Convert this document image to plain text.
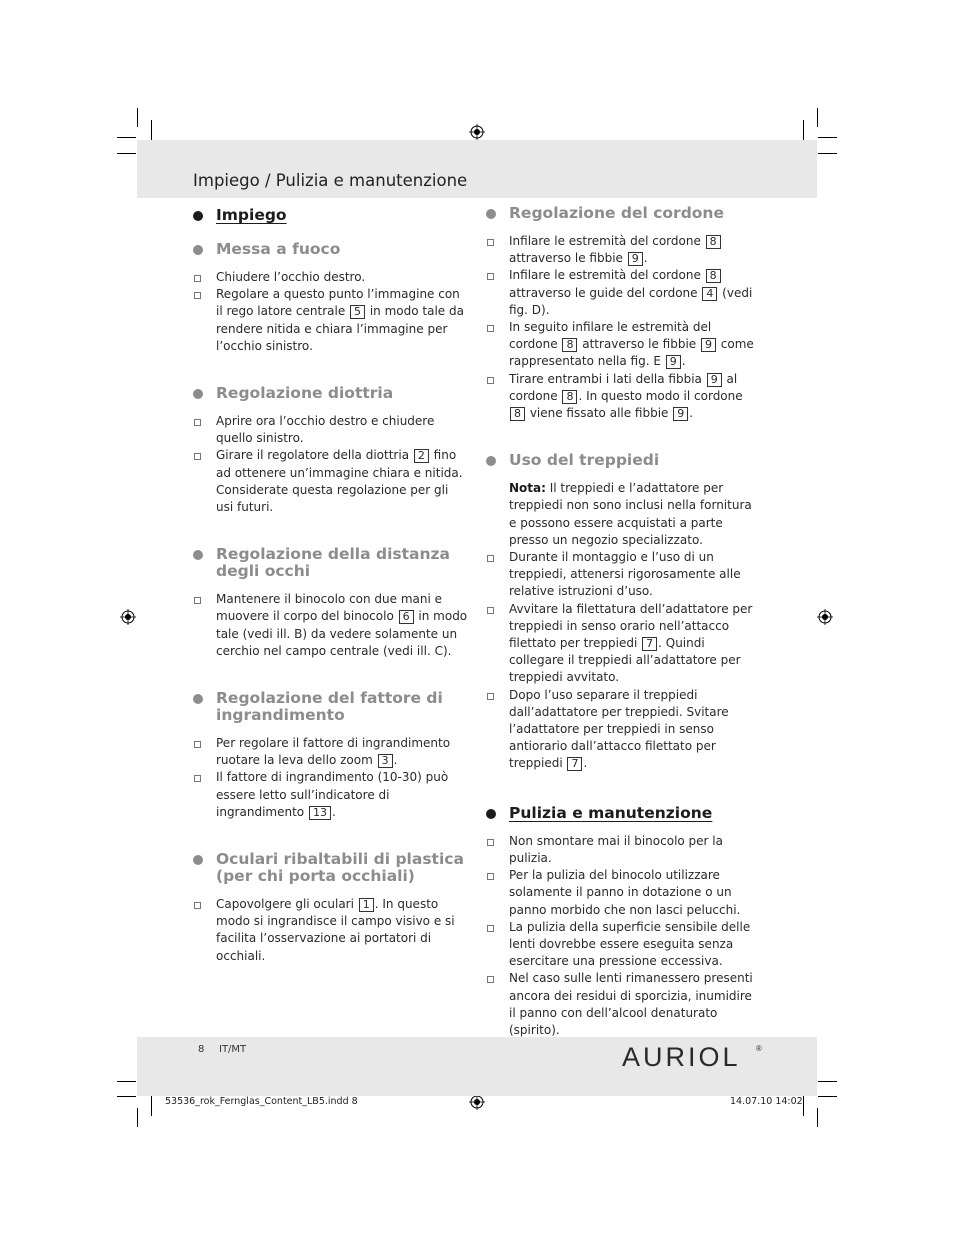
Impiego / Pulizia e manutenzione
Impiego
Messa a fuoco
Chiudere l’occhio destro.
Regolare a questo punto l’immagine con il rego latore centrale 5 in modo tale da rendere nitida e chiara l’immagine per l’occhio sinistro.
Regolazione diottria
Aprire ora l’occhio destro e chiudere quello sinistro.
Girare il regolatore della diottria 2 fino ad ottenere un’immagine chiara e nitida. Considerate questa regolazione per gli usi futuri.
Regolazione della distanza degli occhi
Mantenere il binocolo con due mani e muovere il corpo del binocolo 6 in modo tale (vedi ill. B) da vedere solamente un cerchio nel campo centrale (vedi ill. C).
Regolazione del fattore di ingrandimento
Per regolare il fattore di ingrandimento ruotare la leva dello zoom 3 .
Il fattore di ingrandimento (10-30) può essere letto sull’indicatore di ingrandimento 13 .
Oculari ribaltabili di plastica (per chi porta occhiali)
Capovolgere gli oculari 1 . In questo modo si ingrandisce il campo visivo e si facilita l’osservazione ai portatori di occhiali.
Regolazione del cordone
Infilare le estremità del cordone 8 attraverso le fibbie 9 .
Infilare le estremità del cordone 8 attraverso le guide del cordone 4 (vedi fig. D).
In seguito infilare le estremità del cordone 8 attraverso le fibbie 9 come rappresentato nella fig. E 9 .
Tirare entrambi i lati della fibbia 9 al cordone 8 . In questo modo il cordone 8 viene fissato alle fibbie 9 .
Uso del treppiedi
Nota: Il treppiedi e l’adattatore per treppiedi non sono inclusi nella fornitura e possono essere acquistati a parte presso un negozio specializzato.
Durante il montaggio e l’uso di un treppiedi, attenersi rigorosamente alle relative istruzioni d’uso.
Avvitare la filettatura dell’adattatore per treppiedi in senso orario nell’attacco filettato per treppiedi 7 . Quindi collegare il treppiedi all’adattatore per treppiedi avvitato.
Dopo l’uso separare il treppiedi dall’adattatore per treppiedi. Svitare l’adattatore per treppiedi in senso antiorario dall’attacco filettato per treppiedi 7 .
Pulizia e manutenzione
Non smontare mai il binocolo per la pulizia.
Per la pulizia del binocolo utilizzare solamente il panno in dotazione o un panno morbido che non lasci pelucchi.
La pulizia della superficie sensibile delle lenti dovrebbe essere eseguita senza esercitare una pressione eccessiva.
Nel caso sulle lenti rimanessero presenti ancora dei residui di sporcizia, inumidire il panno con dell’alcool denaturato (spirito).
8 IT/MT	AURIOL ®
53536_rok_Fernglas_Content_LB5.indd 8	14.07.10 14:02
